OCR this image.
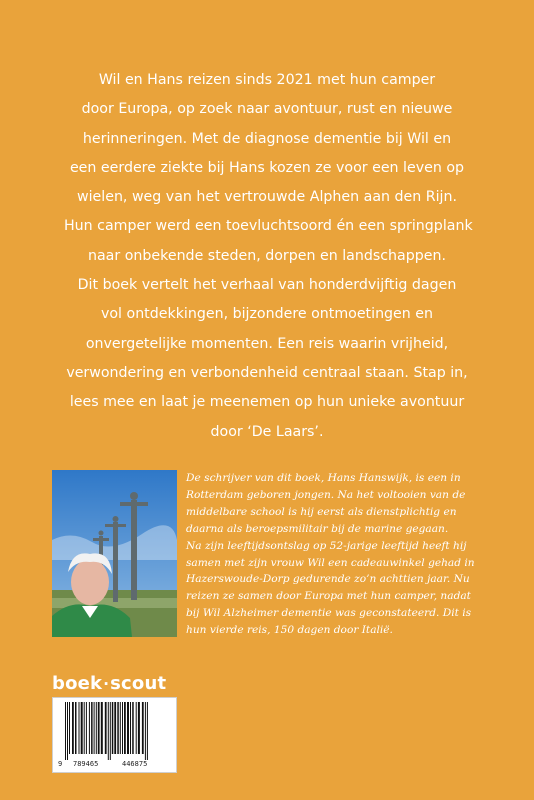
Wil en Hans reizen sinds 2021 met hun camper
door Europa, op zoek naar avontuur, rust en nieuwe
herinneringen. Met de diagnose dementie bij Wil en
een eerdere ziekte bij Hans kozen ze voor een leven op
wielen, weg van het vertrouwde Alphen aan den Rijn.
Hun camper werd een toevluchtsoord én een springplank
naar onbekende steden, dorpen en landschappen.
Dit boek vertelt het verhaal van honderdvijftig dagen
vol ontdekkingen, bijzondere ontmoetingen en
onvergetelijke momenten. Een reis waarin vrijheid,
verwondering en verbondenheid centraal staan. Stap in,
lees mee en laat je meenemen op hun unieke avontuur
door ‘De Laars’.
De schrijver van dit boek, Hans Hanswijk, is een in
Rotterdam geboren jongen. Na het voltooien van de
middelbare school is hij eerst als dienstplichtig en
daarna als beroepsmilitair bij de marine gegaan.
Na zijn leeftijdsontslag op 52-jarige leeftijd heeft hij
samen met zijn vrouw Wil een cadeauwinkel gehad in
Hazerswoude-Dorp gedurende zo’n achttien jaar. Nu
reizen ze samen door Europa met hun camper, nadat
bij Wil Alzheimer dementie was geconstateerd. Dit is
hun vierde reis, 150 dagen door Italië.
boek·scout
9 789465	446875
